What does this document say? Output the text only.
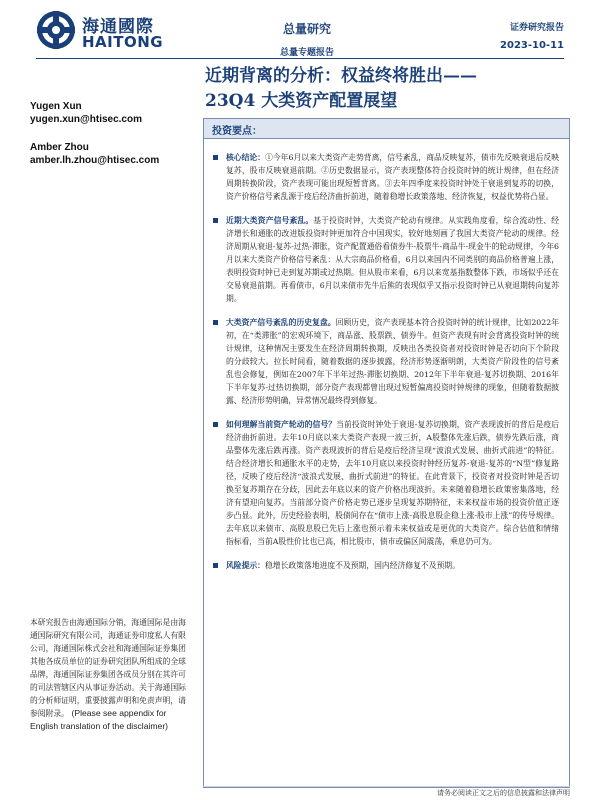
海通國際
HAITONG
总量研究
总量专题报告
证券研究报告
2023-10-11
近期背离的分析：权益终将胜出——
23Q4 大类资产配置展望
Yugen Xun
yugen.xun@htisec.com
Amber Zhou
amber.lh.zhou@htisec.com
投资要点：

核心结论：①今年6月以来大类资产走势背离，信号紊乱，商品反映复苏，债市先反映衰退后反映复苏，股市反映衰退前期。②历史数据显示，资产表现整体符合投资时钟的统计规律，但在经济周期转换阶段，资产表现可能出现短暂背离。③去年四季度来投资时钟处于衰退到复苏的切换，资产价格信号紊乱源于疫后经济曲折前进，随着稳增长政策落地、经济恢复，权益优势将凸显。

近期大类资产信号紊乱。基于投资时钟，大类资产轮动有规律。从实践角度看，综合流动性、经济增长和通胀的改进版投资时钟更加符合中国现实，较好地刻画了我国大类资产轮动的规律。经济周期从衰退-复苏-过热-滞胀，资产配置通俗看债券牛-股票牛-商品牛-现金牛的轮动规律，今年6月以来大类资产价格信号紊乱：从大宗商品价格看，6月以来国内不同类别的商品价格普遍上涨，表明投资时钟已走到复苏期或过热期。但从股市来看，6月以来宽基指数整体下跌，市场似乎还在交易衰退前期。再看债市，6月以来债市先牛后熊的表现似乎又指示投资时钟已从衰退期转向复苏期。

大类资产信号紊乱的历史复盘。回顾历史，资产表现基本符合投资时钟的统计规律，比如2022年初，在“类滞胀”的宏观环境下，商品涨、股票跌、债券牛。但资产表现有时会背离投资时钟的统计规律，这种情况主要发生在经济周期转换期，反映出各类投资者对投资时钟是否切向下个阶段的分歧较大。拉长时间看，随着数据的逐步披露，经济形势逐渐明朗，大类资产阶段性的信号紊乱也会修复，例如在2007年下半年过热-滞胀切换期、2012年下半年衰退-复苏切换期、2016年下半年复苏-过热切换期，部分资产表现都曾出现过短暂偏离投资时钟规律的现象，但随着数据披露、经济形势明确，异常情况最终得到修复。

如何理解当前资产轮动的信号？当前投资时钟处于衰退-复苏切换期，资产表现波折的背后是疫后经济曲折前进。去年10月底以来大类资产表现一波三折，A股整体先涨后跌，债券先跌后涨，商品整体先涨后跌再涨。资产表现波折的背后是疫后经济呈现“波浪式发展、曲折式前进”的特征。结合经济增长和通胀水平的走势，去年10月底以来投资时钟经历复苏-衰退-复苏的“N型”修复路径，反映了疫后经济“波浪式发展、曲折式前进”的特征。在此背景下，投资者对投资时钟是否切换至复苏期存在分歧，因此去年底以来的资产价格出现波折。未来随着稳增长政策密集落地，经济有望迎向复苏。当前部分资产价格走势已逐步呈现复苏期特征，未来权益市场的投资价值正逐步凸显。此外，历史经验表明，股债间存在“债市上涨-高股息股企稳上涨-股市上涨”的传导规律。去年底以来债市、高股息股已先后上涨也预示着未来权益或是更优的大类资产。综合估值和情绪指标看，当前A股性价比也已高，相比股市，债市或偏区间震荡，乘息仍可为。

风险提示：稳增长政策落地进度不及预期，国内经济修复不及预期。

本研究报告由海通国际分销，海通国际是由海通国际研究有限公司，海通证券印度私人有限公司，海通国际株式会社和海通国际证券集团其他各成员单位的证券研究团队所组成的全球品牌，海通国际证券集团各成员分别在其许可的司法管辖区内从事证券活动。关于海通国际的分析师证明，重要披露声明和免责声明，请参阅附录。 (Please see appendix for English translation of the disclaimer)
请务必阅读正文之后的信息披露和法律声明
